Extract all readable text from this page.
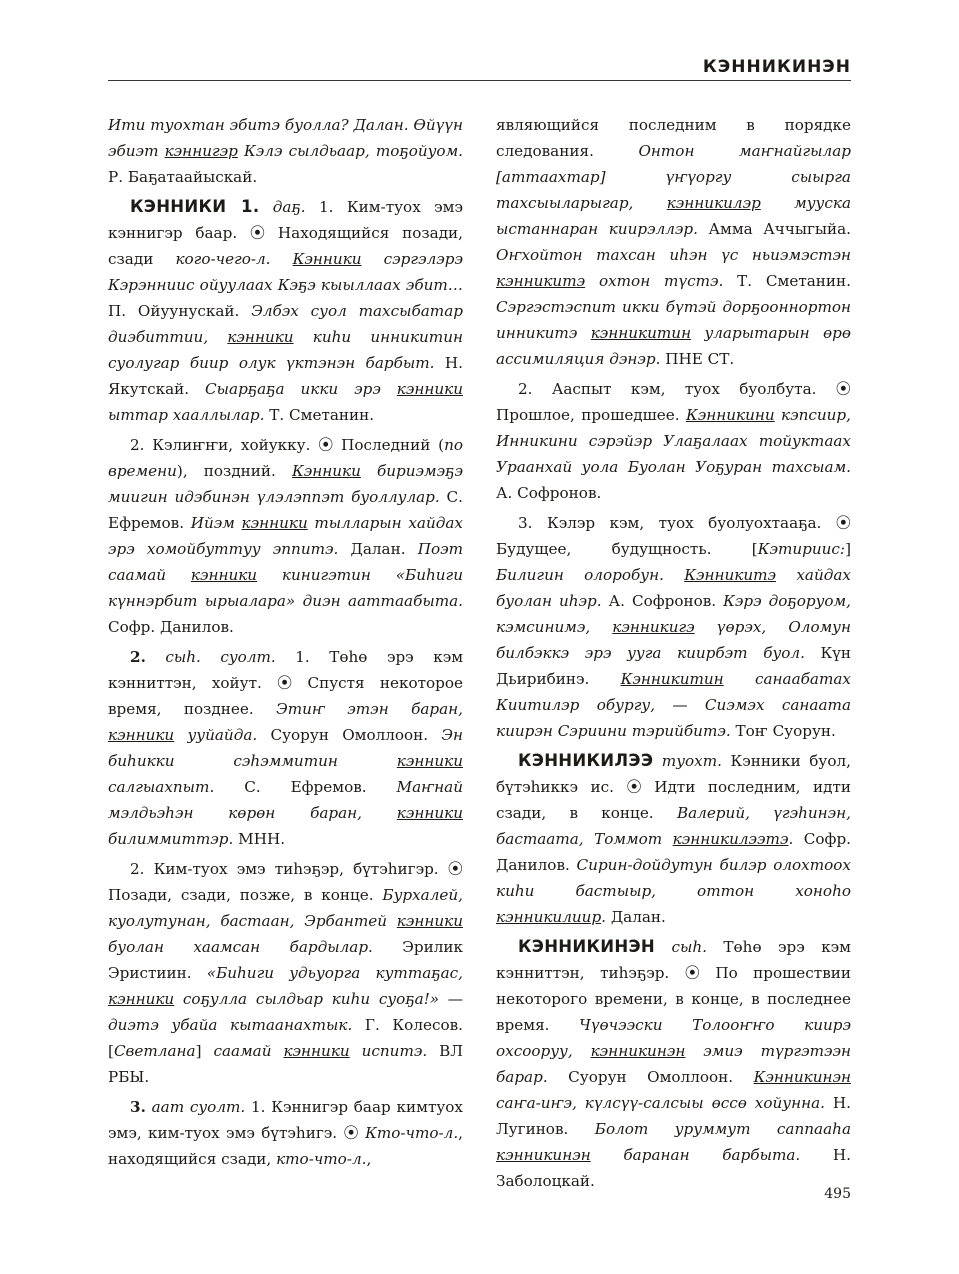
КЭННИКИНЭН

Ити туохтан эбитэ буолла? Далан. Өйүүн эбиэт кэннигэр Кэлэ сылдьаар, тоҕойуом. Р. Баҕатаайыскай.

КЭННИКИ 1. даҕ. 1. Ким-туох эмэ кэннигэр баар. ⦿ Находящийся позади, сзади кого-чего-л. Кэнники сэргэлэрэ Кэрэнниис ойуулаах Кэҕэ кыыллаах эбит… П. Ойуунускай. Элбэх суол тахсыбатар диэбиттии, кэнники киһи инникитин суолугар биир олук үктэнэн барбыт. Н. Якутскай. Сыарҕаҕа икки эрэ кэнники ыттар хааллылар. Т. Сметанин.

2. Кэлиҥҥи, хойукку. ⦿ Последний (по времени), поздний. Кэнники бириэмэҕэ миигин идэбинэн үлэлэппэт буоллулар. С. Ефремов. Ийэм кэнники тылларын хайдах эрэ хомойбуттуу эппитэ. Далан. Поэт саамай кэнники кинигэтин «Биһиги күннэрбит ырыалара» диэн ааттаабыта. Софр. Данилов.

2. сыһ. суолт. 1. Төһө эрэ кэм кэнниттэн, хойут. ⦿ Спустя некоторое время, позднее. Этиҥ этэн баран, кэнники ууйайда. Суорун Омоллоон. Эн биһикки сэһэммитин кэнники салгыахпыт. С. Ефремов. Маҥнай мэлдьэһэн көрөн баран, кэнники билиммиттэр. МНН.

2. Ким-туох эмэ тиһэҕэр, бүтэһигэр. ⦿ Позади, сзади, позже, в конце. Бурхалей, куолутунан, бастаан, Эрбантей кэнники буолан хаамсан бардылар. Эрилик Эристиин. «Биһиги удьуорга куттаҕас, кэнники соҕулла сылдьар киһи суоҕа!» — диэтэ убайа кытаанахтык. Г. Колесов. [Светлана] саамай кэнники испитэ. ВЛ РБЫ.

3. аат суолт. 1. Кэннигэр баар кимтуох эмэ, ким-туох эмэ бүтэһигэ. ⦿ Кто-что-л., находящийся сзади, кто-что-л.,

являющийся последним в порядке следования. Онтон маҥнайгылар [аттаахтар] үҥүоргу сыырга тахсыыларыгар, кэнникилэр мууска ыстаннаран киирэллэр. Амма Аччыгыйа. Оҥхойтон тахсан иһэн үс ньиэмэстэн кэнникитэ охтон түстэ. Т. Сметанин. Сэргэстэспит икки бүтэй дорҕооннортон инникитэ кэнникитин уларытарын өрө ассимиляция дэнэр. ПНЕ СТ.

2. Ааспыт кэм, туох буолбута. ⦿ Прошлое, прошедшее. Кэнникини кэпсиир, Инникини сэрэйэр Улаҕалаах тойуктаах Ураанхай уола Буолан Уоҕуран тахсыам. А. Софронов.

3. Кэлэр кэм, туох буолуохтааҕа. ⦿ Будущее, будущность. [Кэтириис:] Билигин олоробун. Кэнникитэ хайдах буолан иһэр. А. Софронов. Кэрэ доҕоруом, кэмсинимэ, кэнникигэ үөрэх, Оломун билбэккэ эрэ ууга киирбэт буол. Күн Дьирибинэ. Кэнникитин санаабатах Киитилэр обургу, — Сиэмэх санаата киирэн Сэриини тэрийбитэ. Тоҥ Суорун.

КЭННИКИЛЭЭ туохт. Кэнники буол, бүтэһиккэ ис. ⦿ Идти последним, идти сзади, в конце. Валерий, үгэһинэн, бастаата, Томмот кэнникилээтэ. Софр. Данилов. Сирин-дойдутун билэр олохтоох киһи бастыыр, оттон хоноһо кэнникилиир. Далан.

КЭННИКИНЭН сыһ. Төһө эрэ кэм кэнниттэн, тиһэҕэр. ⦿ По прошествии некоторого времени, в конце, в последнее время. Чүөчээски Толооҥҥо киирэ охсооруу, кэнникинэн эмиэ түргэтээн барар. Суорун Омоллоон. Кэнникинэн саҥа-иҥэ, күлсүү-салсыы өссө хойунна. Н. Лугинов. Болот уруммут саппааһа кэнникинэн баранан барбыта. Н. Заболоцкай.

495
